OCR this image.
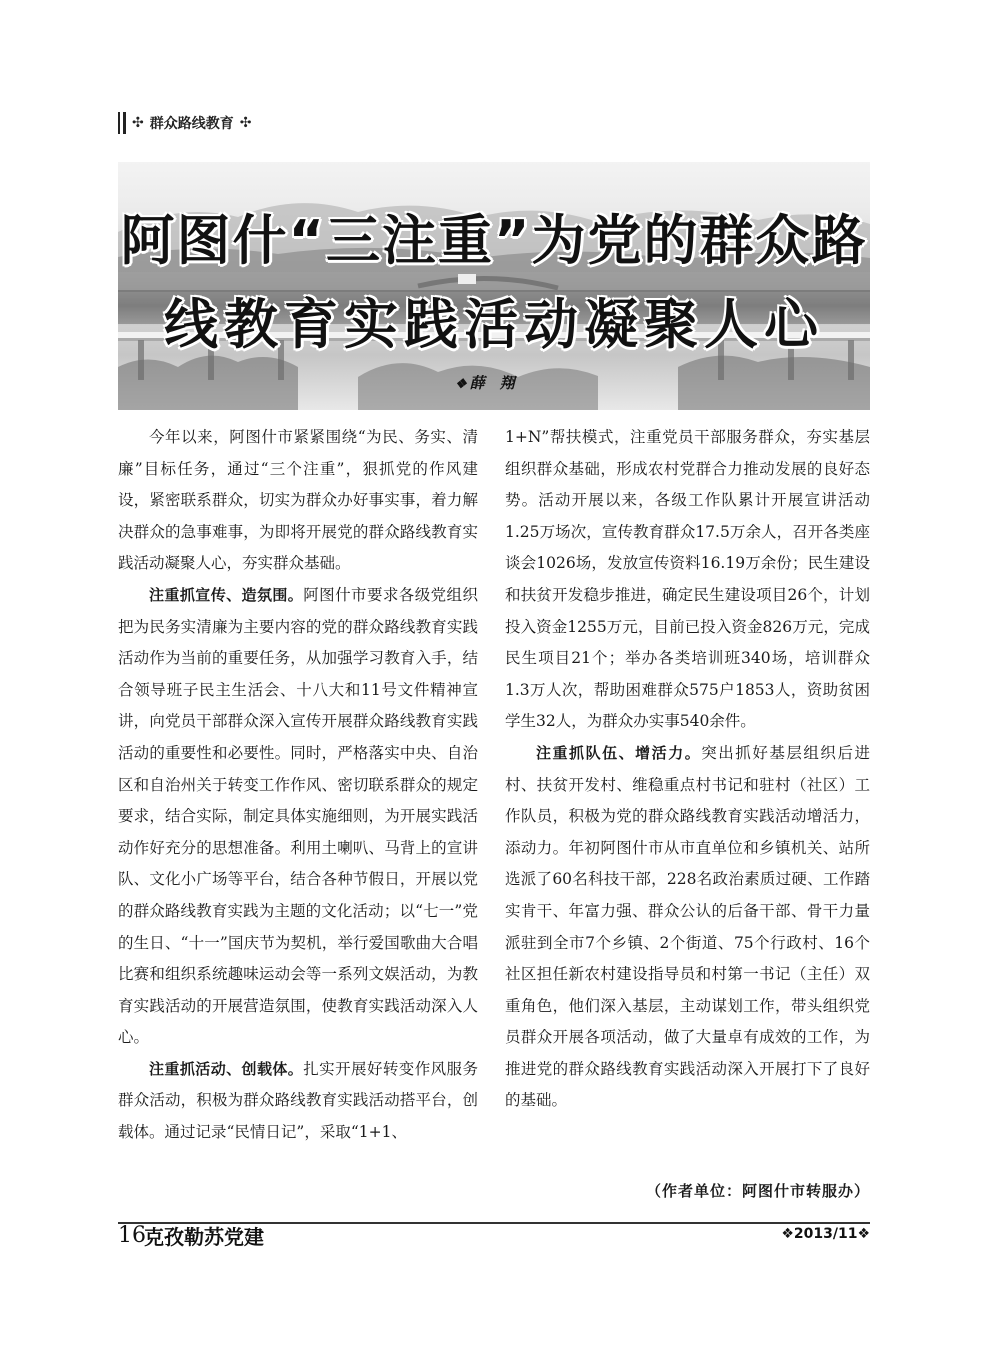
✣ 群众路线教育 ✣
阿图什“三注重”为党的群众路
线教育实践活动凝聚人心
❖ 薛　翔

今年以来，阿图什市紧紧围绕“为民、务实、清廉”目标任务，通过“三个注重”，狠抓党的作风建设，紧密联系群众，切实为群众办好事实事，着力解决群众的急事难事，为即将开展党的群众路线教育实践活动凝聚人心，夯实群众基础。

注重抓宣传、造氛围。阿图什市要求各级党组织把为民务实清廉为主要内容的党的群众路线教育实践活动作为当前的重要任务，从加强学习教育入手，结合领导班子民主生活会、十八大和11号文件精神宣讲，向党员干部群众深入宣传开展群众路线教育实践活动的重要性和必要性。同时，严格落实中央、自治区和自治州关于转变工作作风、密切联系群众的规定要求，结合实际，制定具体实施细则，为开展实践活动作好充分的思想准备。利用土喇叭、马背上的宣讲队、文化小广场等平台，结合各种节假日，开展以党的群众路线教育实践为主题的文化活动；以“七一”党的生日、“十一”国庆节为契机，举行爱国歌曲大合唱比赛和组织系统趣味运动会等一系列文娱活动，为教育实践活动的开展营造氛围，使教育实践活动深入人心。

注重抓活动、创载体。扎实开展好转变作风服务群众活动，积极为群众路线教育实践活动搭平台，创载体。通过记录“民情日记”，采取“1+1、

1+N”帮扶模式，注重党员干部服务群众，夯实基层组织群众基础，形成农村党群合力推动发展的良好态势。活动开展以来，各级工作队累计开展宣讲活动1.25万场次，宣传教育群众17.5万余人，召开各类座谈会1026场，发放宣传资料16.19万余份；民生建设和扶贫开发稳步推进，确定民生建设项目26个，计划投入资金1255万元，目前已投入资金826万元，完成民生项目21个；举办各类培训班340场，培训群众1.3万人次，帮助困难群众575户1853人，资助贫困学生32人，为群众办实事540余件。

注重抓队伍、增活力。突出抓好基层组织后进村、扶贫开发村、维稳重点村书记和驻村（社区）工作队员，积极为党的群众路线教育实践活动增活力，添动力。年初阿图什市从市直单位和乡镇机关、站所选派了60名科技干部，228名政治素质过硬、工作踏实肯干、年富力强、群众公认的后备干部、骨干力量派驻到全市7个乡镇、2个街道、75个行政村、16个社区担任新农村建设指导员和村第一书记（主任）双重角色，他们深入基层，主动谋划工作，带头组织党员群众开展各项活动，做了大量卓有成效的工作，为推进党的群众路线教育实践活动深入开展打下了良好的基础。

（作者单位：阿图什市转服办）
16
克孜勒苏党建	❖2013/11❖
